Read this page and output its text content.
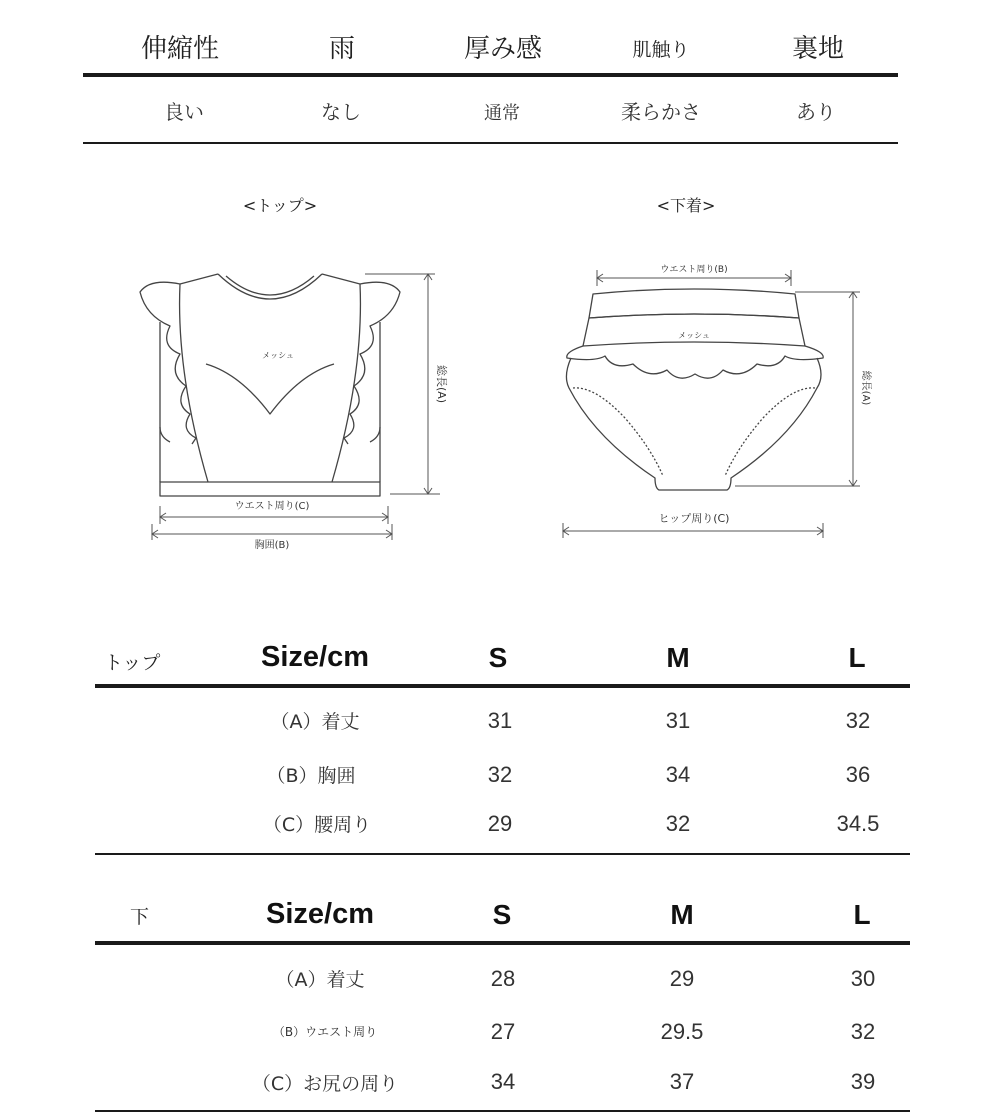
伸縮性	雨	厚み感	肌触り	裏地
良い	なし	通常	柔らかさ	あり
<トップ>	<下着>
メッシュ
総長(A)
ウエスト周り(C)
胸囲(B)
ウエスト周り(B)
メッシュ
総長(A)
ヒップ周り(C)
トップ	Size/cm	S	M	L
（A）着丈	31	31	32
（B）胸囲	32	34	36
（C）腰周り	29	32	34.5
下	Size/cm	S	M	L
（A）着丈	28	29	30
（B）ウエスト周り	27	29.5	32
（C）お尻の周り	34	37	39
